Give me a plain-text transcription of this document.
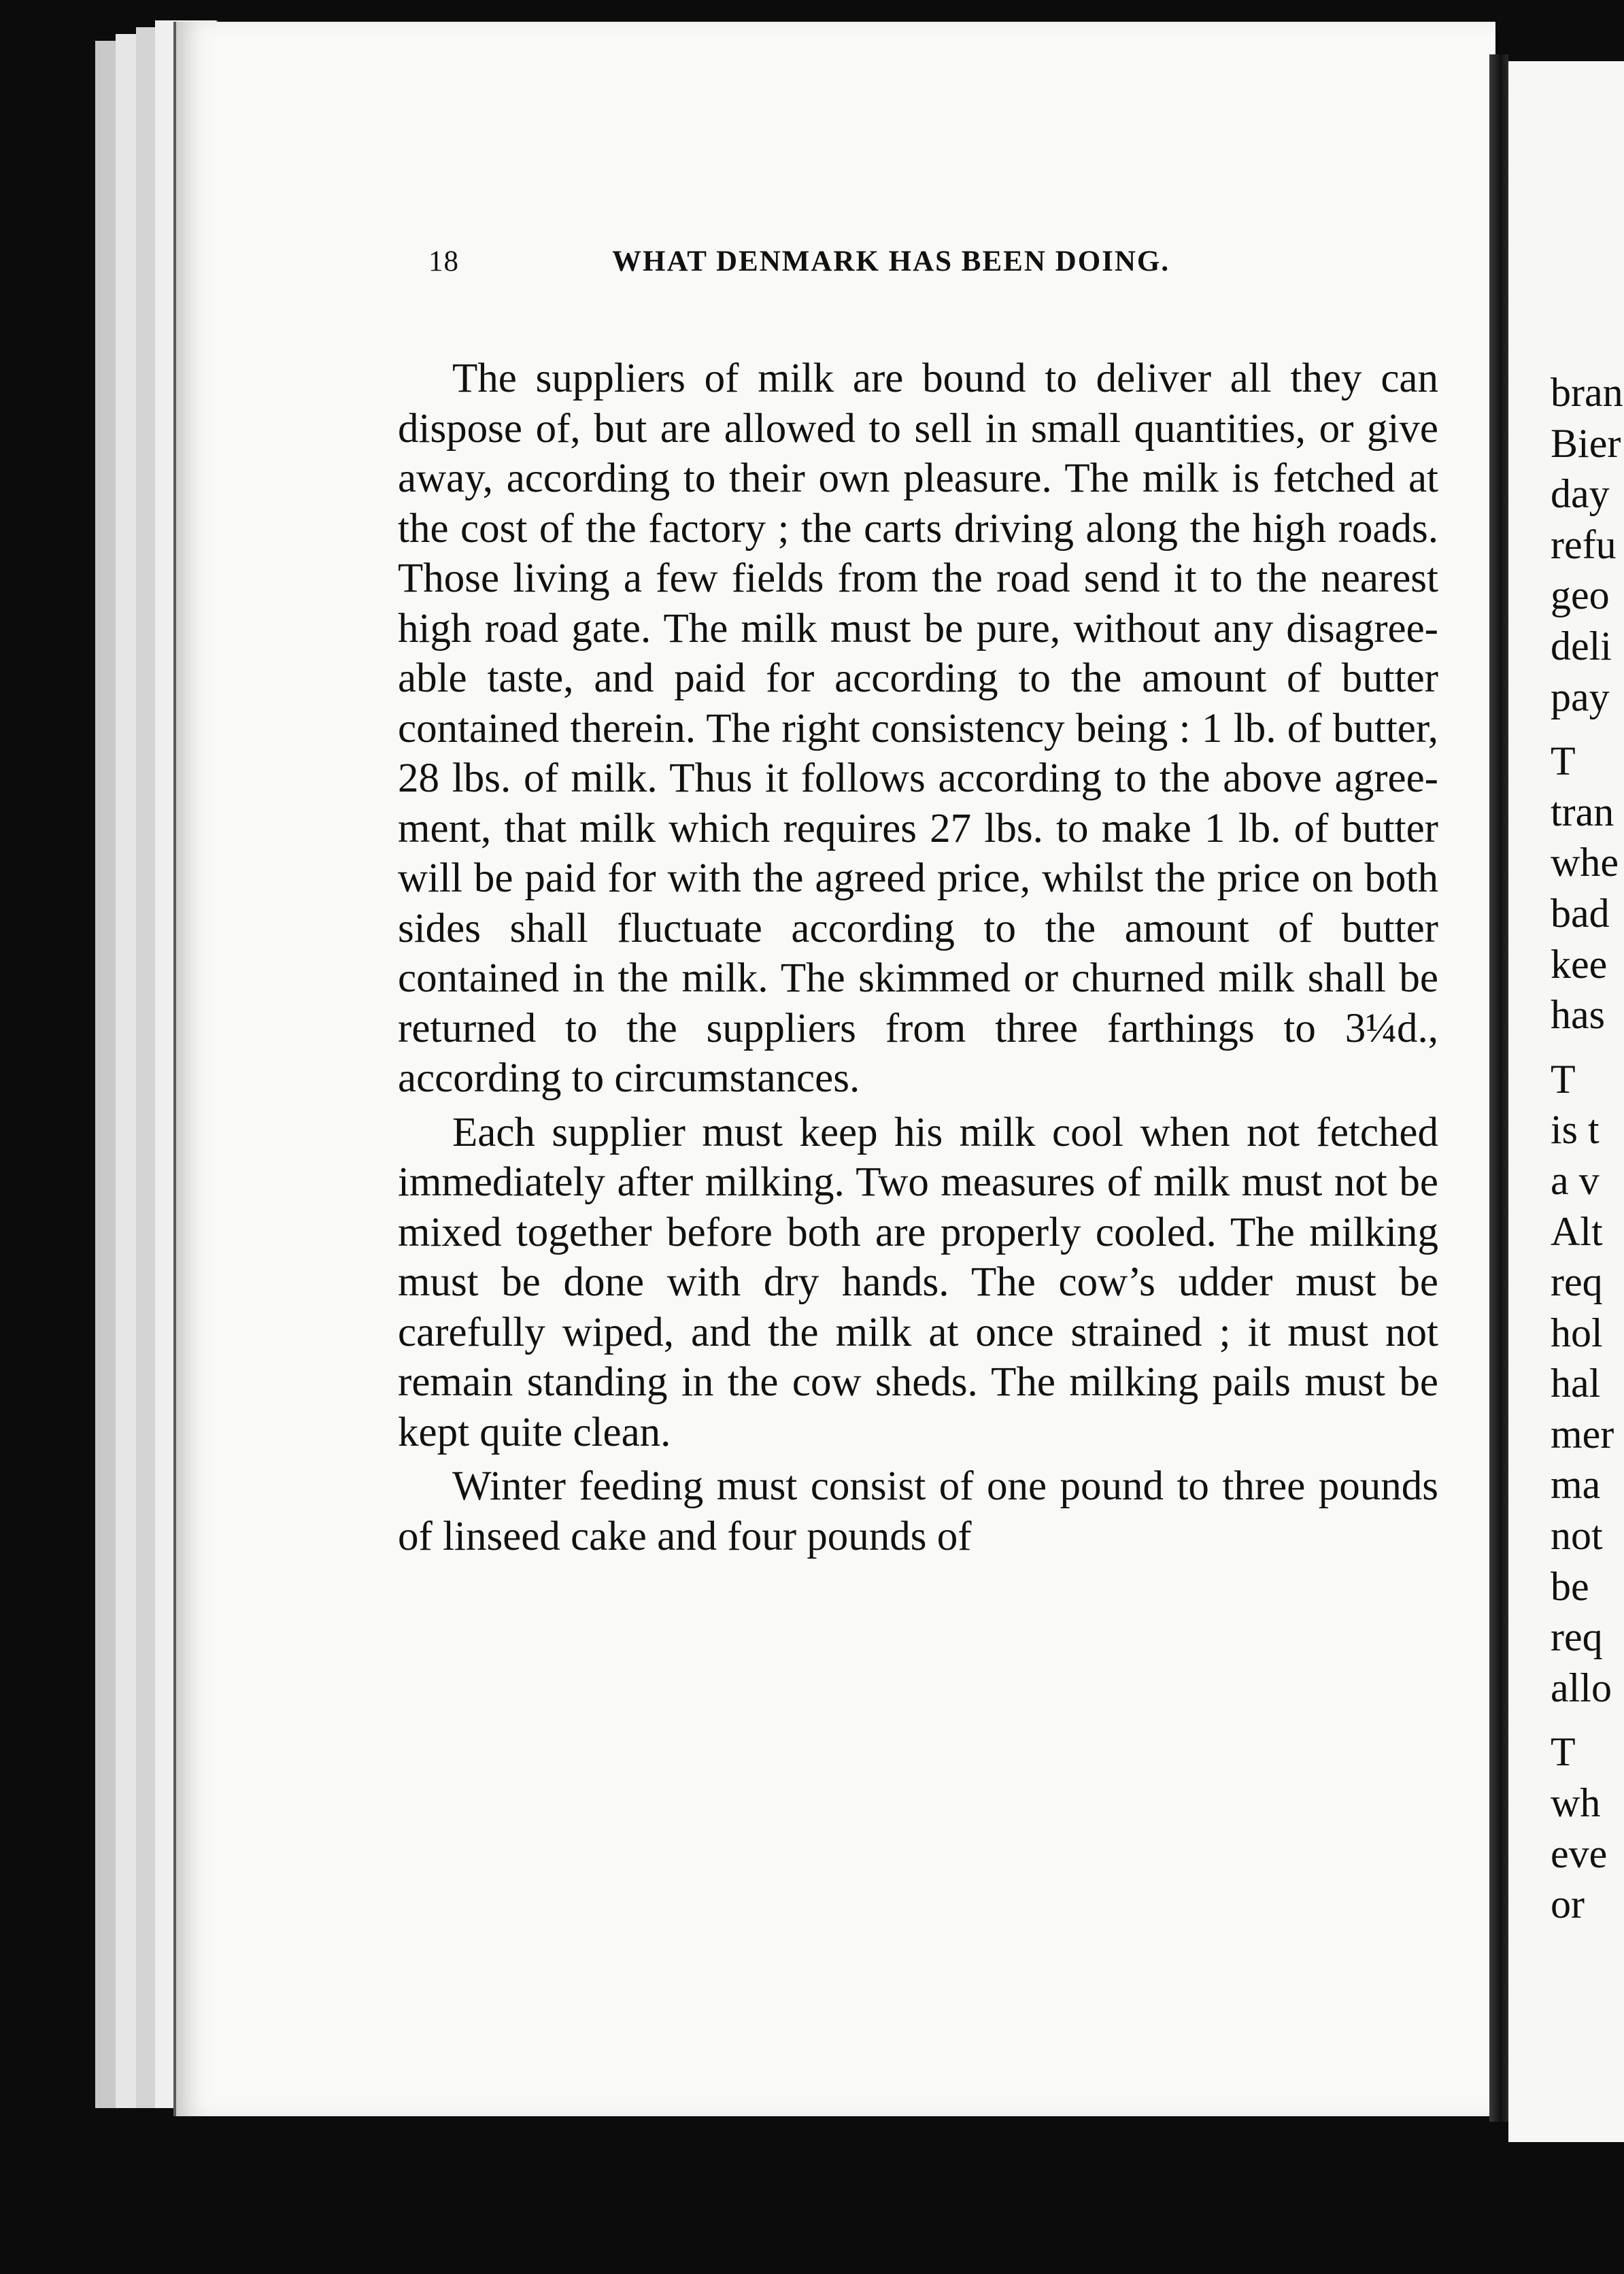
18	WHAT DENMARK HAS BEEN DOING.

The suppliers of milk are bound to deliver all they can dispose of, but are allowed to sell in small quantities, or give away, according to their own pleasure. The milk is fetched at the cost of the factory ; the carts driving along the high roads. Those living a few fields from the road send it to the nearest high road gate. The milk must be pure, without any disagreeable taste, and paid for according to the amount of butter contained therein. The right consistency being : 1 lb. of butter, 28 lbs. of milk. Thus it follows according to the above agreement, that milk which requires 27 lbs. to make 1 lb. of butter will be paid for with the agreed price, whilst the price on both sides shall fluctuate according to the amount of butter contained in the milk. The skimmed or churned milk shall be returned to the suppliers from three farthings to 3¼d., according to circumstances.

Each supplier must keep his milk cool when not fetched immediately after milking. Two measures of milk must not be mixed together before both are properly cooled. The milking must be done with dry hands. The cow’s udder must be carefully wiped, and the milk at once strained ; it must not remain standing in the cow sheds. The milking pails must be kept quite clean.

Winter feeding must consist of one pound to three pounds of linseed cake and four pounds of

bran
Bier
day
refu
geo
deli
pay
T
tran
whe
bad
kee
has
T
is t
a v
Alt
req
hol
hal
mer
ma
not
be
req
allo
T
wh
eve
or
